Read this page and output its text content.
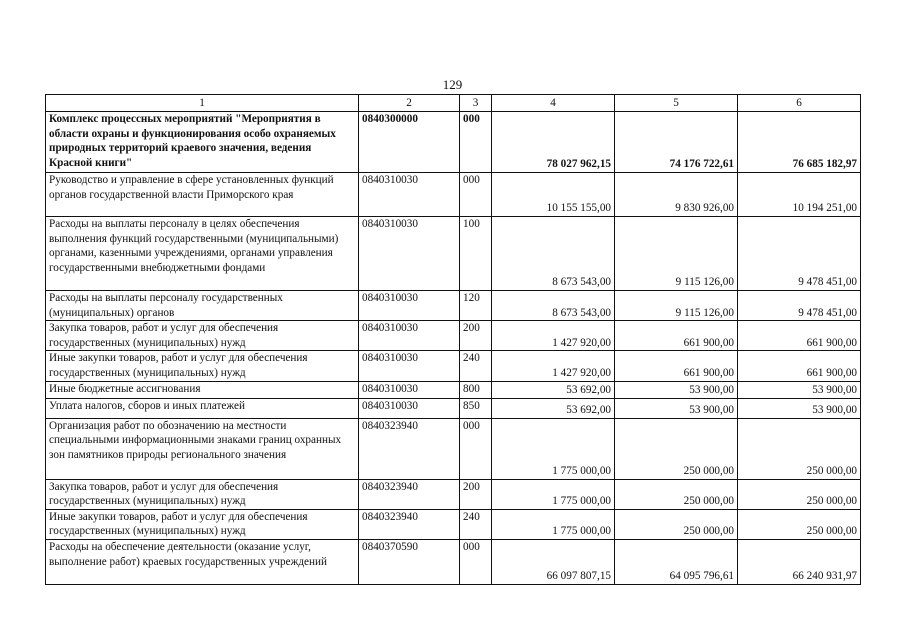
129
1	2	3	4	5	6
Комплекс процессных мероприятий "Мероприятия в области охраны и функционирования особо охраняемых природных территорий краевого значения, ведения Красной книги"	0840300000	000	78 027 962,15	74 176 722,61	76 685 182,97
Руководство и управление в сфере установленных функций органов государственной власти Приморского края	0840310030	000	10 155 155,00	9 830 926,00	10 194 251,00
Расходы на выплаты персоналу в целях обеспечения выполнения функций государственными (муниципальными) органами, казенными учреждениями, органами управления государственными внебюджетными фондами	0840310030	100	8 673 543,00	9 115 126,00	9 478 451,00
Расходы на выплаты персоналу государственных (муниципальных) органов	0840310030	120	8 673 543,00	9 115 126,00	9 478 451,00
Закупка товаров, работ и услуг для обеспечения государственных (муниципальных) нужд	0840310030	200	1 427 920,00	661 900,00	661 900,00
Иные закупки товаров, работ и услуг для обеспечения государственных (муниципальных) нужд	0840310030	240	1 427 920,00	661 900,00	661 900,00
Иные бюджетные ассигнования	0840310030	800	53 692,00	53 900,00	53 900,00
Уплата налогов, сборов и иных платежей	0840310030	850	53 692,00	53 900,00	53 900,00
Организация работ по обозначению на местности специальными информационными знаками границ охранных зон памятников природы регионального значения	0840323940	000	1 775 000,00	250 000,00	250 000,00
Закупка товаров, работ и услуг для обеспечения государственных (муниципальных) нужд	0840323940	200	1 775 000,00	250 000,00	250 000,00
Иные закупки товаров, работ и услуг для обеспечения государственных (муниципальных) нужд	0840323940	240	1 775 000,00	250 000,00	250 000,00
Расходы на обеспечение деятельности (оказание услуг, выполнение работ) краевых государственных учреждений	0840370590	000	66 097 807,15	64 095 796,61	66 240 931,97
